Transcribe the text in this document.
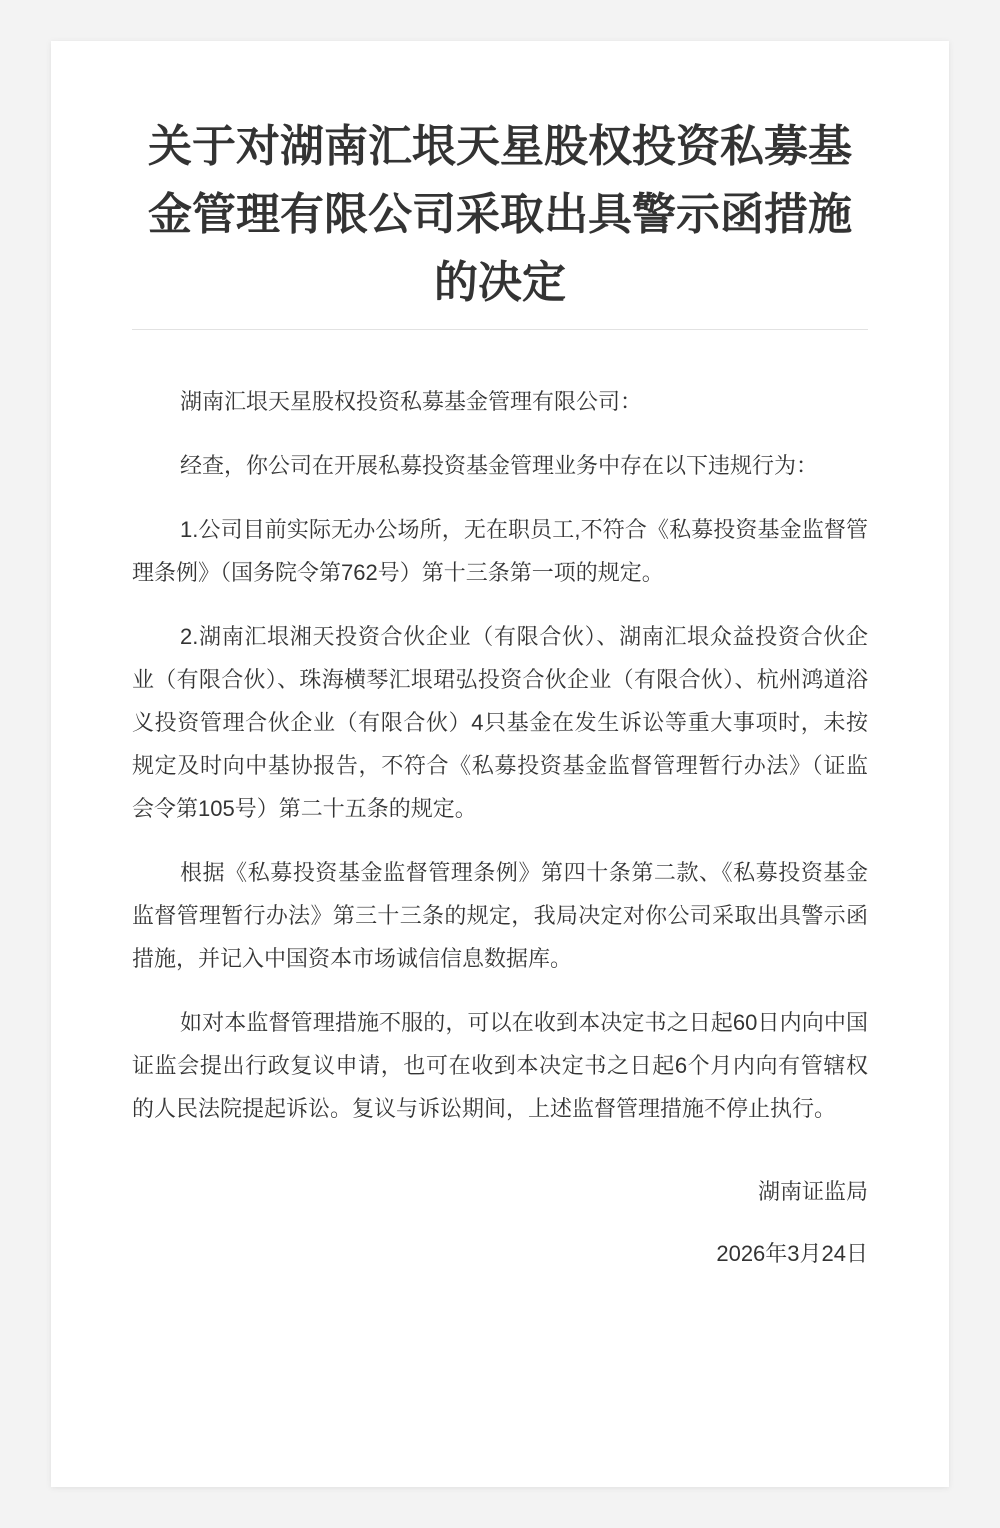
关于对湖南汇垠天星股权投资私募基金管理有限公司采取出具警示函措施的决定

湖南汇垠天星股权投资私募基金管理有限公司：

经查，你公司在开展私募投资基金管理业务中存在以下违规行为：

1.公司目前实际无办公场所，无在职员工,不符合《私募投资基金监督管理条例》（国务院令第762号）第十三条第一项的规定。

2.湖南汇垠湘天投资合伙企业（有限合伙）、湖南汇垠众益投资合伙企业（有限合伙）、珠海横琴汇垠珺弘投资合伙企业（有限合伙）、杭州鸿道浴义投资管理合伙企业（有限合伙）4只基金在发生诉讼等重大事项时，未按规定及时向中基协报告，不符合《私募投资基金监督管理暂行办法》（证监会令第105号）第二十五条的规定。

根据《私募投资基金监督管理条例》第四十条第二款、《私募投资基金监督管理暂行办法》第三十三条的规定，我局决定对你公司采取出具警示函措施，并记入中国资本市场诚信信息数据库。

如对本监督管理措施不服的，可以在收到本决定书之日起60日内向中国证监会提出行政复议申请，也可在收到本决定书之日起6个月内向有管辖权的人民法院提起诉讼。复议与诉讼期间，上述监督管理措施不停止执行。

湖南证监局

2026年3月24日
